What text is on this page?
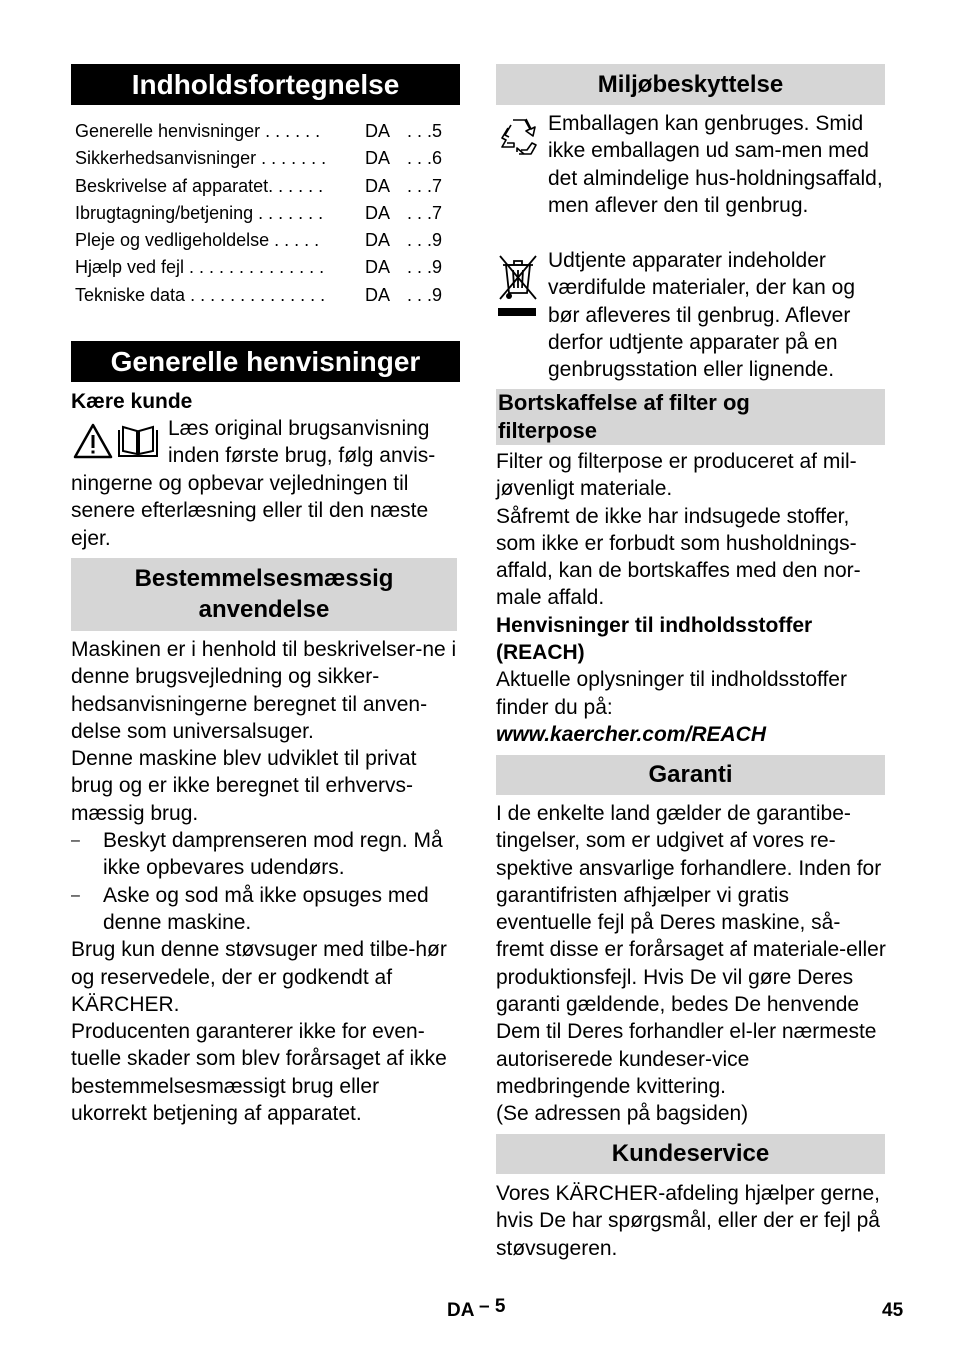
Indholdsfortegnelse
Generelle henvisninger . . . . . . DA . . .5
Sikkerhedsanvisninger . . . . . . . DA . . .6
Beskrivelse af apparatet. . . . . . DA . . .7
Ibrugtagning/betjening . . . . . . . DA . . .7
Pleje og vedligeholdelse . . . . .	DA . . .9
Hjælp ved fejl . . . . . . . . . . . . . . DA . . .9
Tekniske data . . . . . . . . . . . . . . DA . . .9
Generelle henvisninger
Kære kunde
Læs original brugsanvisning
inden første brug, følg anvis-
ningerne og opbevar vejledningen til senere efterlæsning eller til den næste ejer.
Bestemmelsesmæssig
anvendelse
Maskinen er i henhold til beskrivelser-ne i denne brugsvejledning og sikker-hedsanvisningerne beregnet til anven-delse som universalsuger.
Denne maskine blev udviklet til privat brug og er ikke beregnet til erhvervs-mæssig brug.
– Beskyt damprenseren mod regn. Må ikke opbevares udendørs.
– Aske og sod må ikke opsuges med denne maskine.
Brug kun denne støvsuger med tilbe-hør og reservedele, der er godkendt af KÄRCHER.
Producenten garanterer ikke for even-tuelle skader som blev forårsaget af ikke bestemmelsesmæssigt brug eller ukorrekt betjening af apparatet.
Miljøbeskyttelse
Emballagen kan genbruges. Smid ikke emballagen ud sam-men med det almindelige hus-holdningsaffald, men aflever den til genbrug.
Udtjente apparater indeholder værdifulde materialer, der kan og bør afleveres til genbrug. Aflever derfor udtjente apparater på en genbrugsstation eller lignende.
Bortskaffelse af filter og
filterpose
Filter og filterpose er produceret af mil-jøvenligt materiale.
Såfremt de ikke har indsugede stoffer, som ikke er forbudt som husholdnings-affald, kan de bortskaffes med den nor-male affald.
Henvisninger til indholdsstoffer (REACH)
Aktuelle oplysninger til indholdsstoffer finder du på:
www.kaercher.com/REACH
Garanti
I de enkelte land gælder de garantibe-tingelser, som er udgivet af vores re-spektive ansvarlige forhandlere. Inden for garantifristen afhjælper vi gratis eventuelle fejl på Deres maskine, så-fremt disse er forårsaget af materiale-eller produktionsfejl. Hvis De vil gøre Deres garanti gældende, bedes De henvende Dem til Deres forhandler el-ler nærmeste autoriserede kundeser-vice medbringende kvittering.
(Se adressen på bagsiden)
Kundeservice
Vores KÄRCHER-afdeling hjælper gerne, hvis De har spørgsmål, eller der er fejl på støvsugeren.
DA – 5	45
